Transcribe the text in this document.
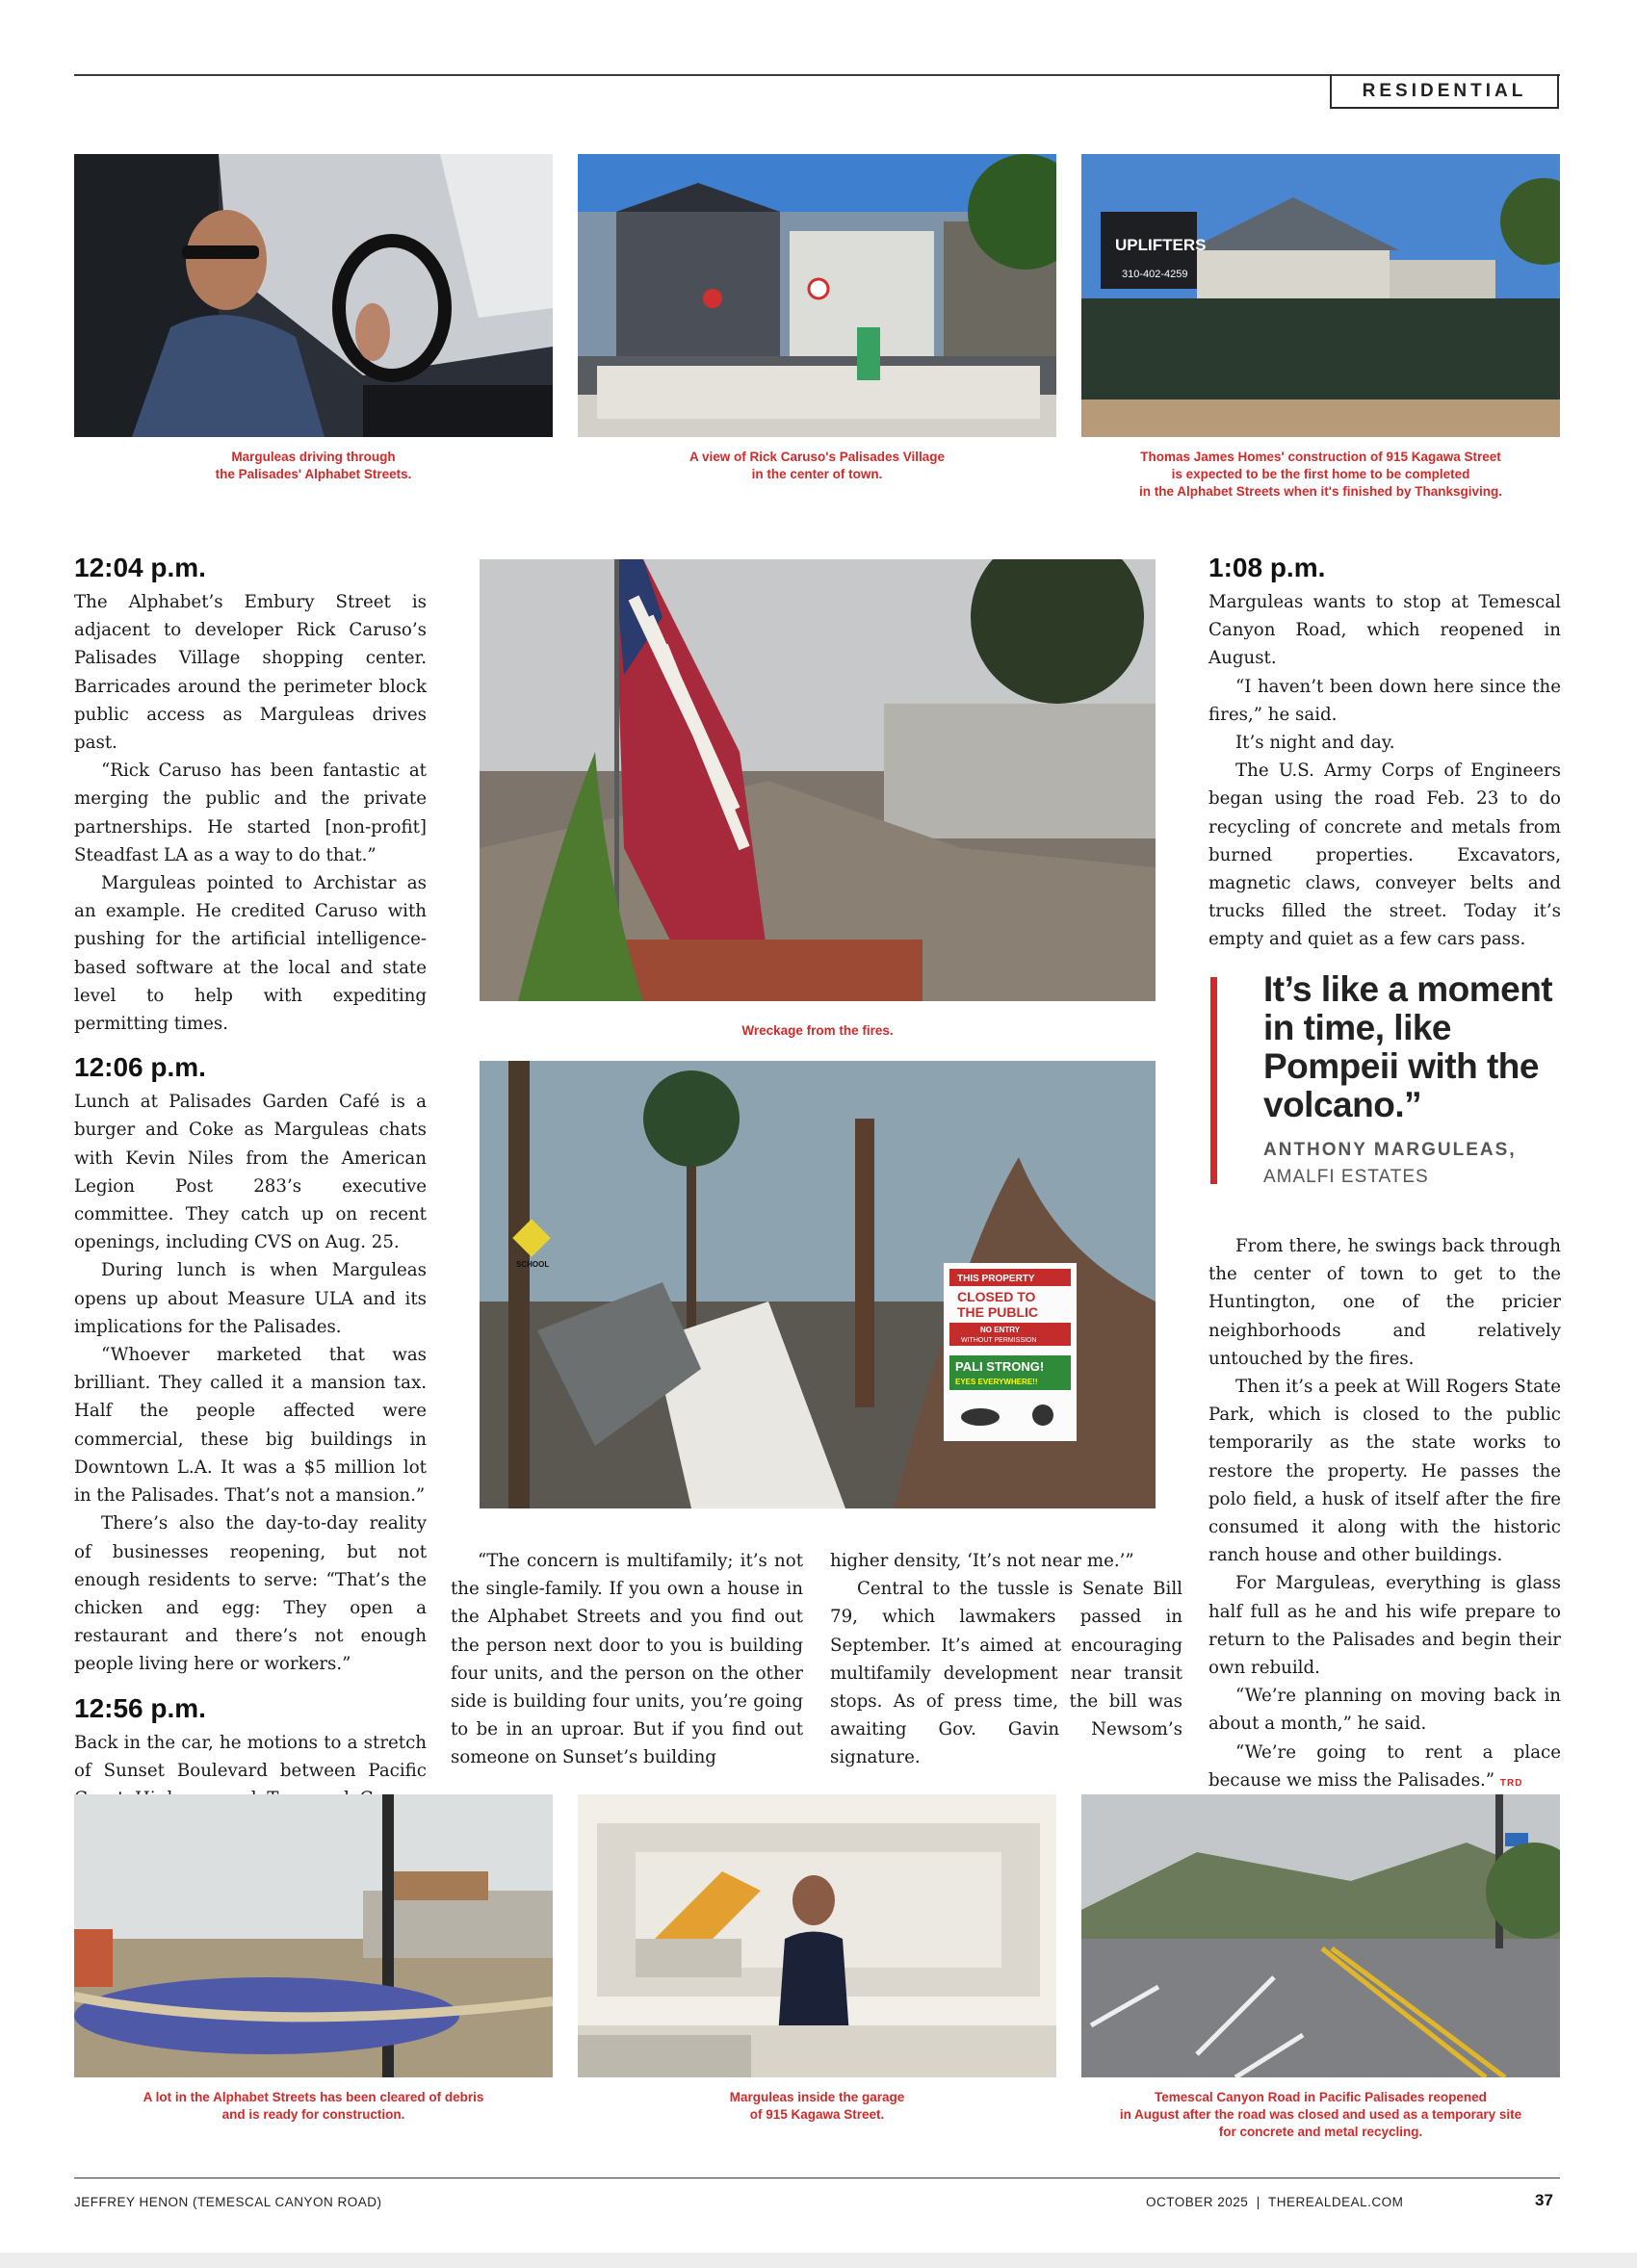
RESIDENTIAL
Marguleas driving through
the Palisades' Alphabet Streets.
A view of Rick Caruso's Palisades Village
in the center of town.
UPLIFTERS
310-402-4259
Thomas James Homes' construction of 915 Kagawa Street
is expected to be the first home to be completed
in the Alphabet Streets when it's finished by Thanksgiving.
12:04 p.m.

The Alphabet’s Embury Street is adjacent to developer Rick Caruso’s Palisades Village shopping center. Barricades around the perimeter block public access as Marguleas drives past.

“Rick Caruso has been fantastic at merging the public and the private partnerships. He started [non-profit] Steadfast LA as a way to do that.”

Marguleas pointed to Archistar as an example. He credited Caruso with pushing for the artificial intelligence-based software at the local and state level to help with expediting permitting times.

12:06 p.m.

Lunch at Palisades Garden Café is a burger and Coke as Marguleas chats with Kevin Niles from the American Legion Post 283’s executive committee. They catch up on recent openings, including CVS on Aug. 25.

During lunch is when Marguleas opens up about Measure ULA and its implications for the Palisades.

“Whoever marketed that was brilliant. They called it a mansion tax. Half the people affected were commercial, these big buildings in Downtown L.A. It was a $5 million lot in the Palisades. That’s not a mansion.”

There’s also the day-to-day reality of businesses reopening, but not enough residents to serve: “That’s the chicken and egg: They open a restaurant and there’s not enough people living here or workers.”

12:56 p.m.

Back in the car, he motions to a stretch of Sunset Boulevard between Pacific

Wreckage from the fires.
SCHOOL
THIS PROPERTY
CLOSED TO
THE PUBLIC
NO ENTRY
WITHOUT PERMISSION
PALI STRONG!
EYES EVERYWHERE!!

“The concern is multifamily; it’s not the single-family. If you own a house in the Alphabet Streets and you find out the person next door to you is building four units, and the person on the other side is building four units, you’re going to be in an uproar. But if you find out someone on Sunset’s building

higher density, ‘It’s not near me.’”

Central to the tussle is Senate Bill 79, which lawmakers passed in September. It’s aimed at encouraging multifamily development near transit stops. As of press time, the bill was awaiting Gov. Gavin Newsom’s signature.

1:08 p.m.

Marguleas wants to stop at Temescal Canyon Road, which reopened in August.

“I haven’t been down here since the fires,” he said.

It’s night and day.

The U.S. Army Corps of Engineers began using the road Feb. 23 to do recycling of concrete and metals from burned properties. Excavators, magnetic claws, conveyer belts and trucks filled the street. Today it’s empty and quiet as a few cars pass.

It’s like a moment in time, like Pompeii with the volcano.”
ANTHONY MARGULEAS,
AMALFI ESTATES

From there, he swings back through the center of town to get to the Huntington, one of the pricier neighborhoods and relatively untouched by the fires.

Then it’s a peek at Will Rogers State Park, which is closed to the public temporarily as the state works to restore the property. He passes the polo field, a husk of itself after the fire consumed it along with the historic ranch house and other buildings.

For Marguleas, everything is glass half full as he and his wife prepare to return to the Palisades and begin their own rebuild.

“We’re planning on moving back in about a month,” he said.

“We’re going to rent a place because we miss the Palisades.” TRD

A lot in the Alphabet Streets has been cleared of debris
and is ready for construction.
Marguleas inside the garage
of 915 Kagawa Street.
Temescal Canyon Road in Pacific Palisades reopened
in August after the road was closed and used as a temporary site
for concrete and metal recycling.
JEFFREY HENON (TEMESCAL CANYON ROAD)	OCTOBER 2025  |  THEREALDEAL.COM	37
